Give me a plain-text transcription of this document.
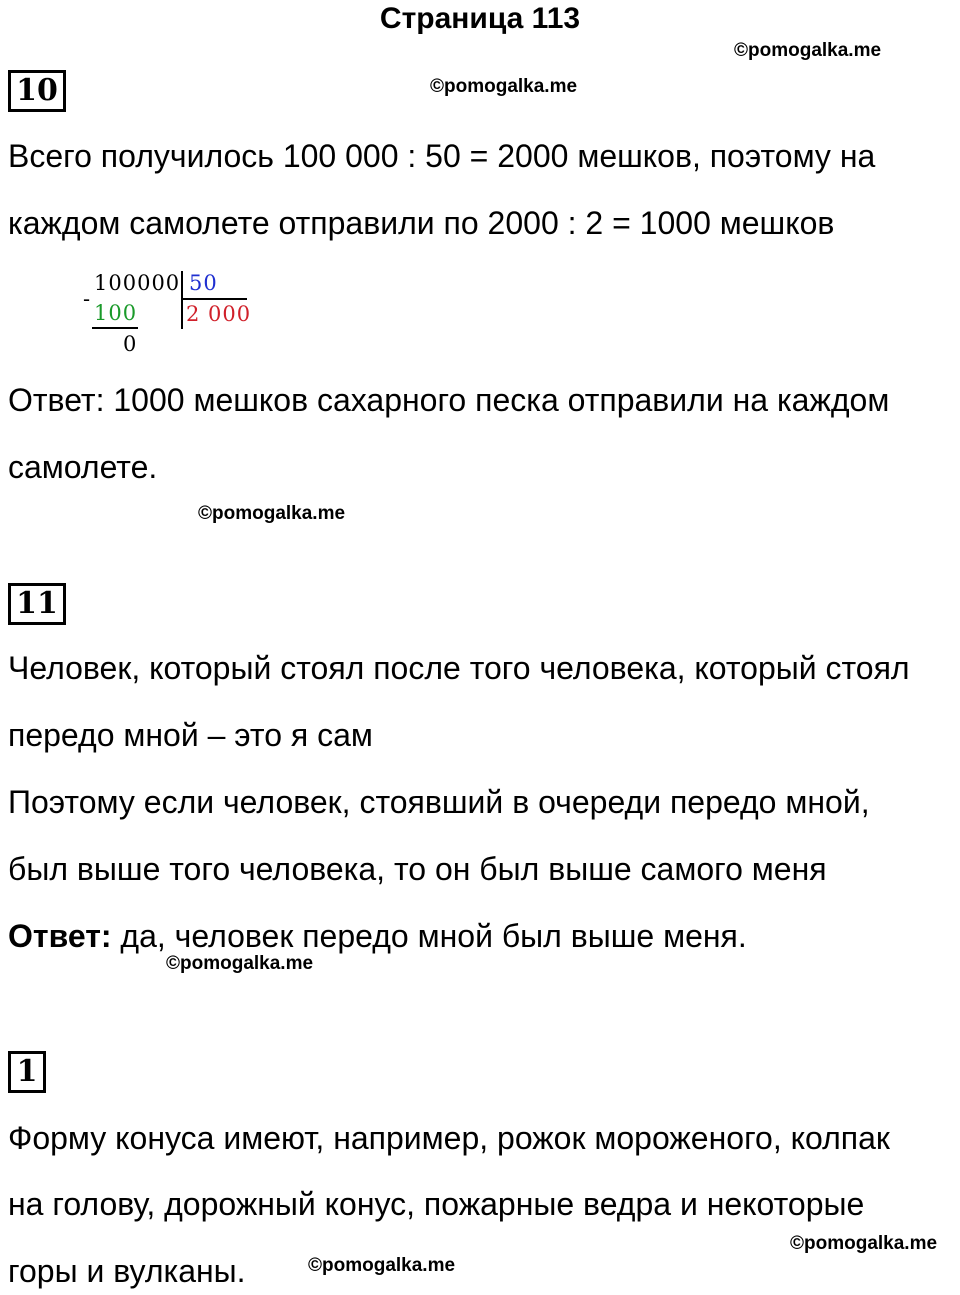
Страница 113
©pomogalka.me
10	©pomogalka.me
Всего получилось 100 000 : 50 = 2000 мешков, поэтому на
каждом самолете отправили по 2000 : 2 = 1000 мешков
100000 50
-
100 2 000
0
Ответ: 1000 мешков сахарного песка отправили на каждом
самолете.
©pomogalka.me
11
Человек, который стоял после того человека, который стоял
передо мной – это я сам
Поэтому если человек, стоявший в очереди передо мной,
был выше того человека, то он был выше самого меня
Ответ: да, человек передо мной был выше меня.
©pomogalka.me
1
Форму конуса имеют, например, рожок мороженого, колпак
на голову, дорожный конус, пожарные ведра и некоторые
горы и вулканы.
©pomogalka.me
©pomogalka.me
